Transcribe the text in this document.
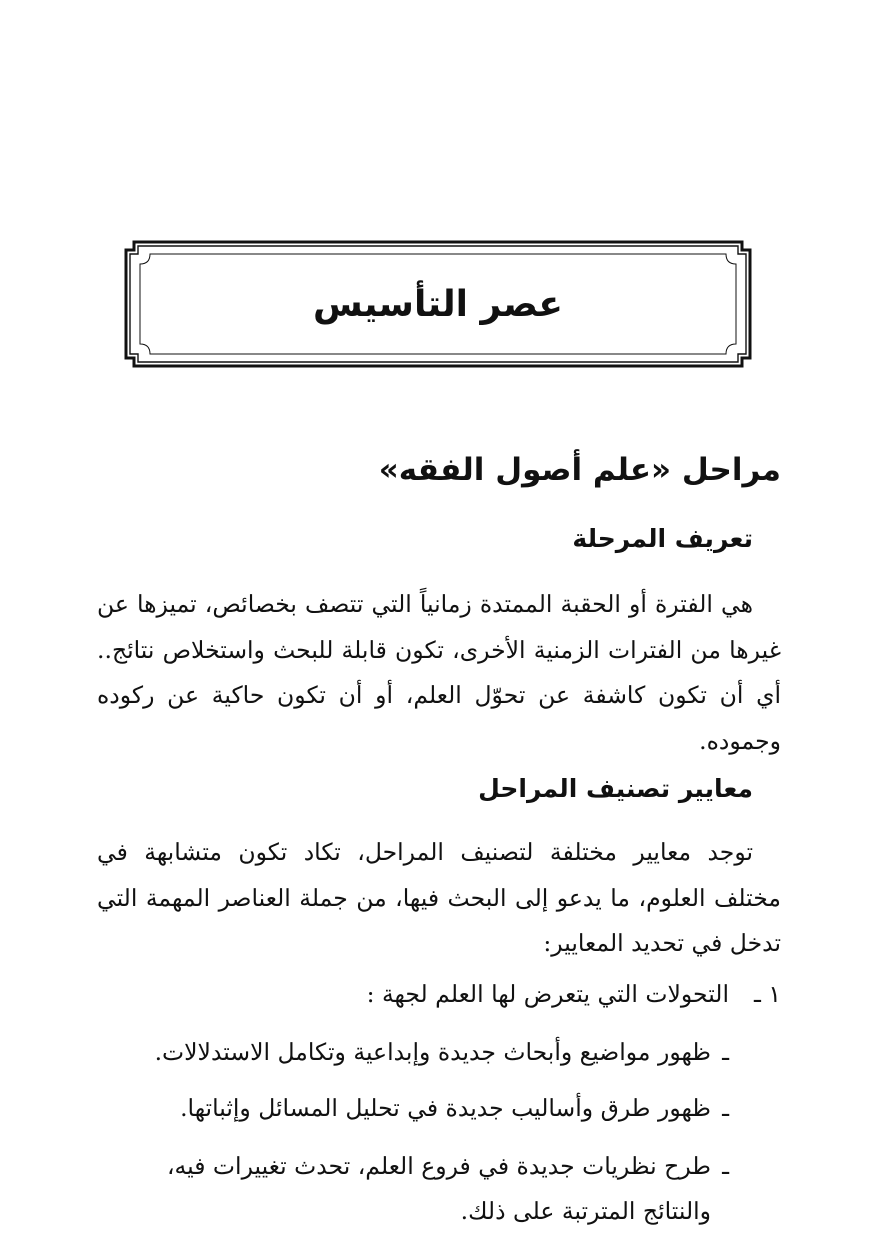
عصر التأسيس
مراحل «علم أصول الفقه»
تعريف المرحلة

هي الفترة أو الحقبة الممتدة زمانياً التي تتصف بخصائص، تميزها عن غيرها من الفترات الزمنية الأخرى، تكون قابلة للبحث واستخلاص نتائج.. أي أن تكون كاشفة عن تحوّل العلم، أو أن تكون حاكية عن ركوده وجموده.

معايير تصنيف المراحل

توجد معايير مختلفة لتصنيف المراحل، تكاد تكون متشابهة في مختلف العلوم، ما يدعو إلى البحث فيها، من جملة العناصر المهمة التي تدخل في تحديد المعايير:

١ ـالتحولات التي يتعرض لها العلم لجهة :

ـظهور مواضيع وأبحاث جديدة وإبداعية وتكامل الاستدلالات.

ـظهور طرق وأساليب جديدة في تحليل المسائل وإثباتها.

ـطرح نظريات جديدة في فروع العلم، تحدث تغييرات فيه،
والنتائج المترتبة على ذلك.
